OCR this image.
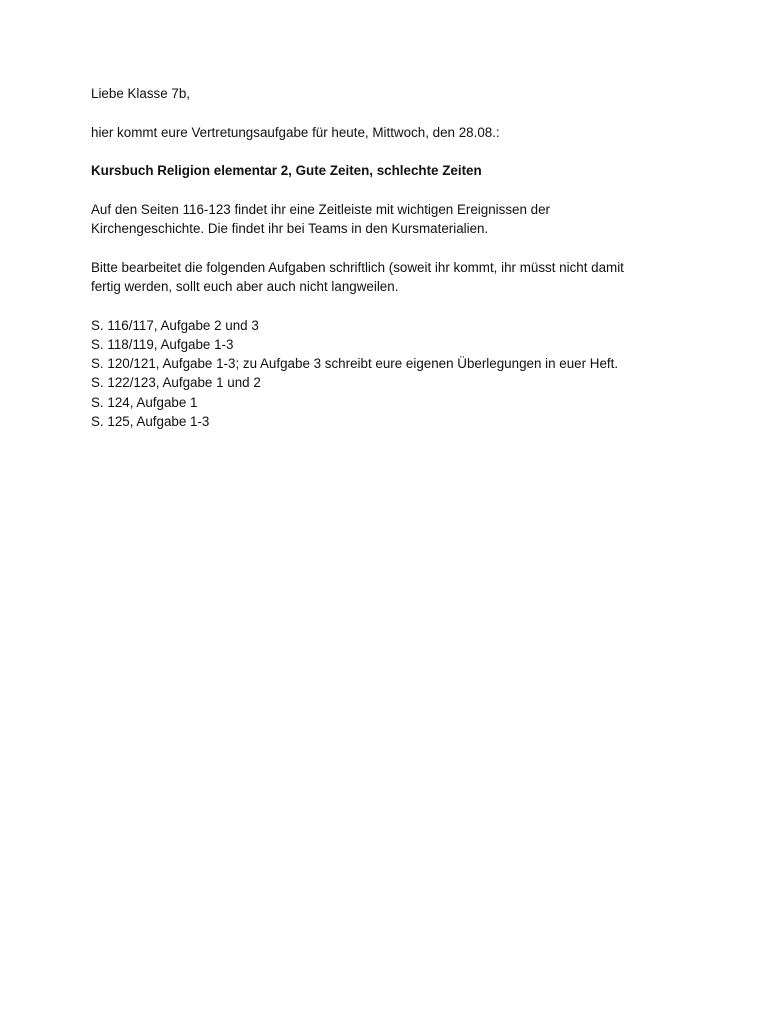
Liebe Klasse 7b,

hier kommt eure Vertretungsaufgabe für heute, Mittwoch, den 28.08.:

Kursbuch Religion elementar 2, Gute Zeiten, schlechte Zeiten

Auf den Seiten 116-123 findet ihr eine Zeitleiste mit wichtigen Ereignissen der

Kirchengeschichte. Die findet ihr bei Teams in den Kursmaterialien.

Bitte bearbeitet die folgenden Aufgaben schriftlich (soweit ihr kommt, ihr müsst nicht damit

fertig werden, sollt euch aber auch nicht langweilen.

S. 116/117, Aufgabe 2 und 3
S. 118/119, Aufgabe 1-3
S. 120/121, Aufgabe 1-3; zu Aufgabe 3 schreibt eure eigenen Überlegungen in euer Heft.
S. 122/123, Aufgabe 1 und 2
S. 124, Aufgabe 1
S. 125, Aufgabe 1-3
